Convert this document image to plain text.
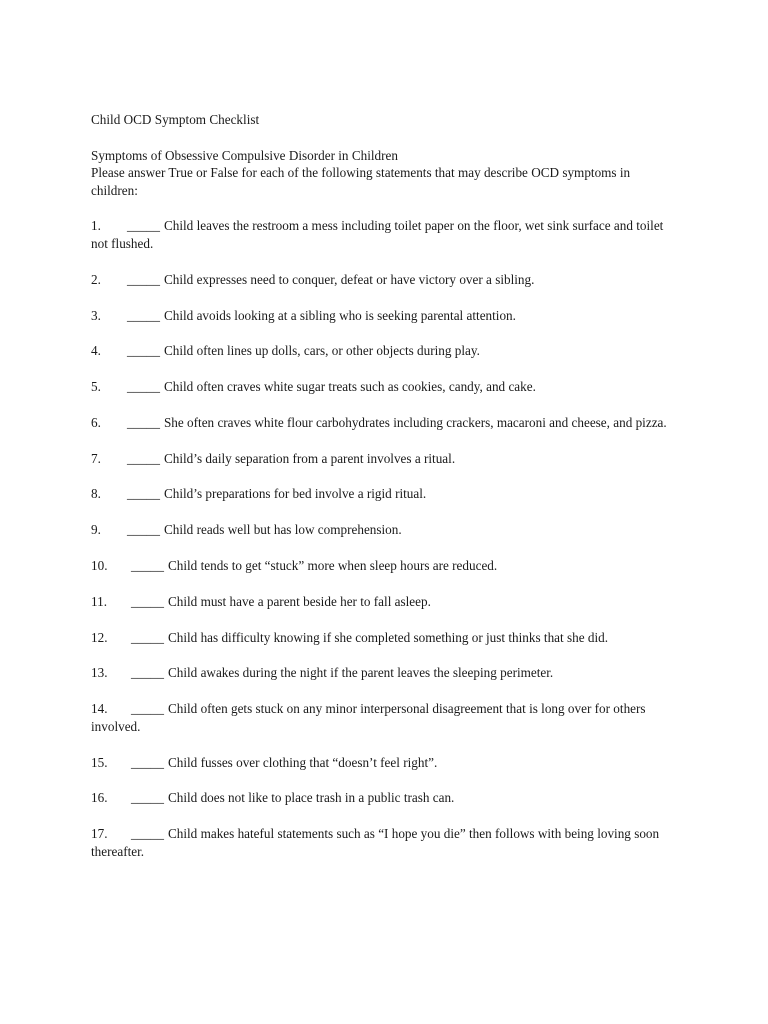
Child OCD Symptom Checklist

Symptoms of Obsessive Compulsive Disorder in Children

Please answer True or False for each of the following statements that may describe OCD symptoms in children:

1. _____ Child leaves the restroom a mess including toilet paper on the floor, wet sink surface and toilet not flushed.
2. _____ Child expresses need to conquer, defeat or have victory over a sibling.
3. _____ Child avoids looking at a sibling who is seeking parental attention.
4. _____ Child often lines up dolls, cars, or other objects during play.
5. _____ Child often craves white sugar treats such as cookies, candy, and cake.
6. _____ She often craves white flour carbohydrates including crackers, macaroni and cheese, and pizza.
7. _____ Child’s daily separation from a parent involves a ritual.
8. _____ Child’s preparations for bed involve a rigid ritual.
9. _____ Child reads well but has low comprehension.
10. _____ Child tends to get “stuck” more when sleep hours are reduced.
11. _____ Child must have a parent beside her to fall asleep.
12. _____ Child has difficulty knowing if she completed something or just thinks that she did.
13. _____ Child awakes during the night if the parent leaves the sleeping perimeter.
14. _____ Child often gets stuck on any minor interpersonal disagreement that is long over for others involved.
15. _____ Child fusses over clothing that “doesn’t feel right”.
16. _____ Child does not like to place trash in a public trash can.
17. _____ Child makes hateful statements such as “I hope you die” then follows with being loving soon thereafter.
